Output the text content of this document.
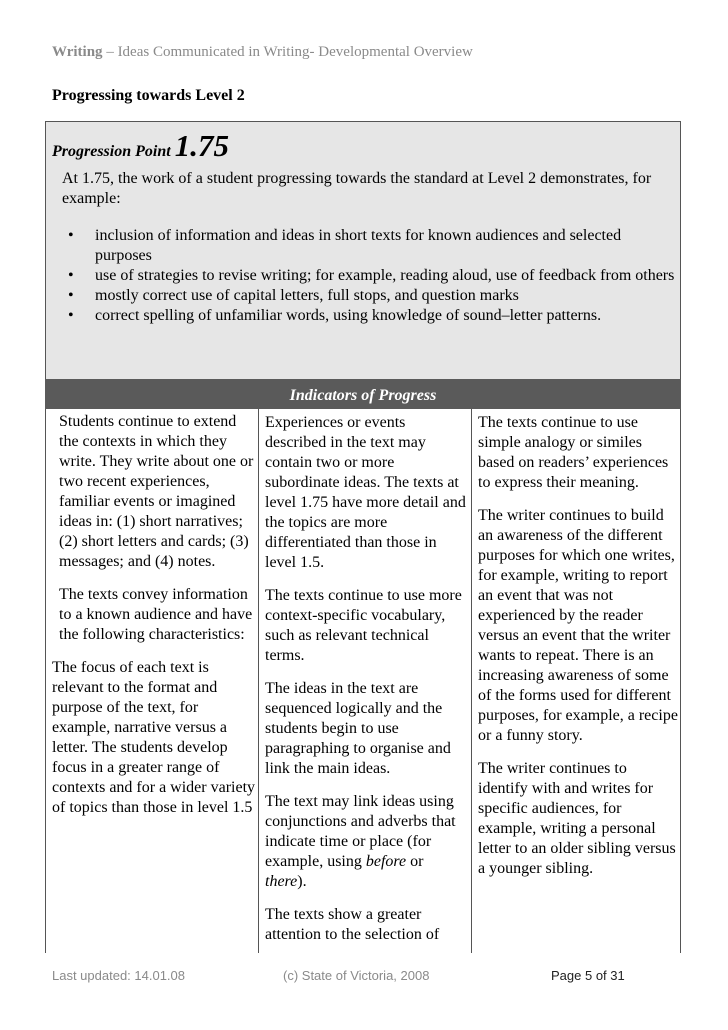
Writing – Ideas Communicated in Writing- Developmental Overview
Progressing towards Level 2
Progression Point 1.75
At 1.75, the work of a student progressing towards the standard at Level 2 demonstrates, for example:
• inclusion of information and ideas in short texts for known audiences and selected purposes
• use of strategies to revise writing; for example, reading aloud, use of feedback from others
• mostly correct use of capital letters, full stops, and question marks
• correct spelling of unfamiliar words, using knowledge of sound–letter patterns.
Indicators of Progress

Students continue to extend the contexts in which they write. They write about one or two recent experiences, familiar events or imagined ideas in: (1) short narratives; (2) short letters and cards; (3) messages; and (4) notes.

The texts convey information to a known audience and have the following characteristics:

The focus of each text is relevant to the format and purpose of the text, for example, narrative versus a letter. The students develop focus in a greater range of contexts and for a wider variety of topics than those in level 1.5

Experiences or events described in the text may contain two or more subordinate ideas. The texts at level 1.75 have more detail and the topics are more differentiated than those in level 1.5.

The texts continue to use more context-specific vocabulary, such as relevant technical terms.

The ideas in the text are sequenced logically and the students begin to use paragraphing to organise and link the main ideas.

The text may link ideas using conjunctions and adverbs that indicate time or place (for example, using before or there).

The texts show a greater attention to the selection of

The texts continue to use simple analogy or similes based on readers’ experiences to express their meaning.

The writer continues to build an awareness of the different purposes for which one writes, for example, writing to report an event that was not experienced by the reader versus an event that the writer wants to repeat. There is an increasing awareness of some of the forms used for different purposes, for example, a recipe or a funny story.

The writer continues to identify with and writes for specific audiences, for example, writing a personal letter to an older sibling versus a younger sibling.

Last updated: 14.01.08	(c) State of Victoria, 2008	Page 5 of 31
